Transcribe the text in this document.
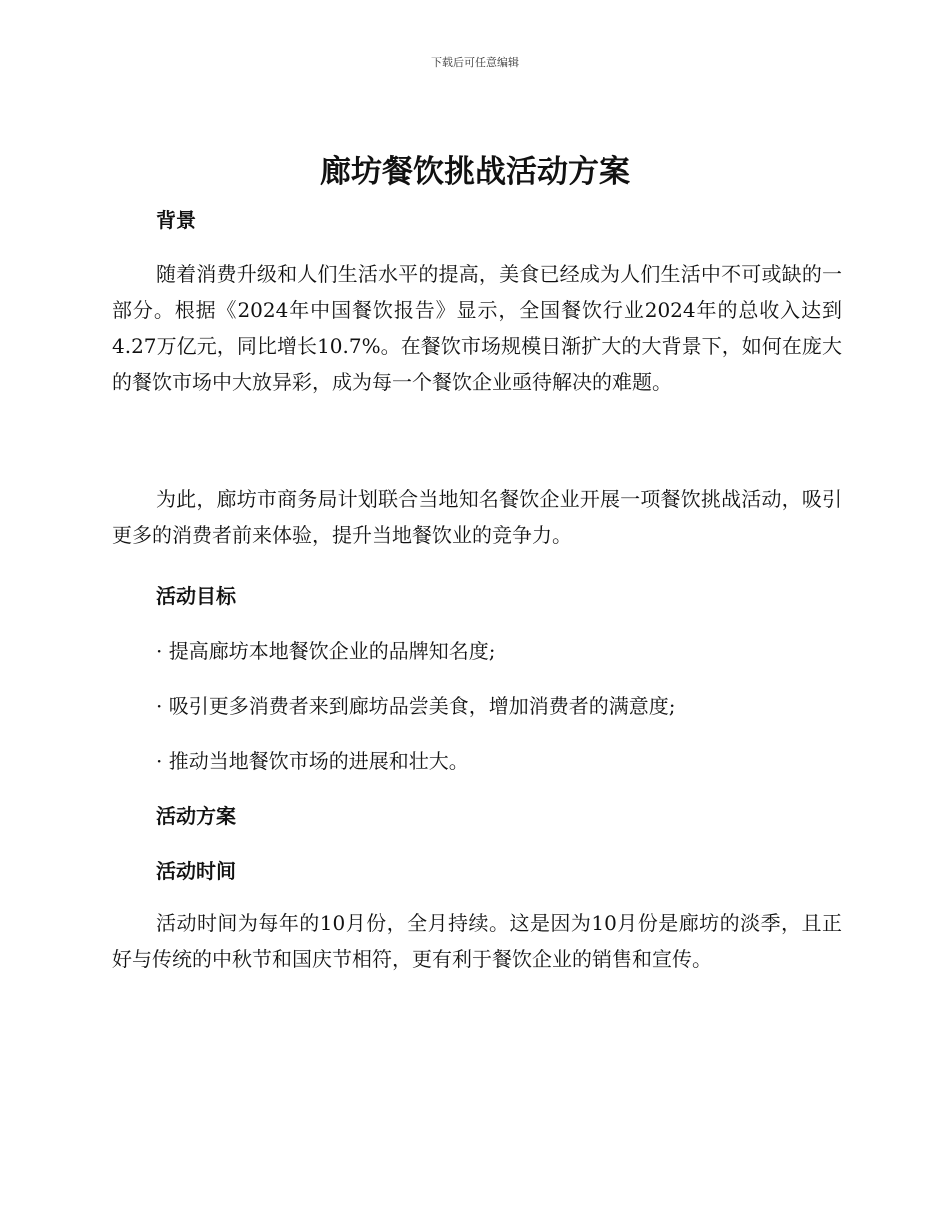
下载后可任意编辑
廊坊餐饮挑战活动方案

背景

随着消费升级和人们生活水平的提高，美食已经成为人们生活中不可或缺的一部分。根据《2024年中国餐饮报告》显示，全国餐饮行业2024年的总收入达到4.27万亿元，同比增长10.7%。在餐饮市场规模日渐扩大的大背景下，如何在庞大的餐饮市场中大放异彩，成为每一个餐饮企业亟待解决的难题。

为此，廊坊市商务局计划联合当地知名餐饮企业开展一项餐饮挑战活动，吸引更多的消费者前来体验，提升当地餐饮业的竞争力。

活动目标

· 提高廊坊本地餐饮企业的品牌知名度;

· 吸引更多消费者来到廊坊品尝美食，增加消费者的满意度;

· 推动当地餐饮市场的进展和壮大。

活动方案

活动时间

活动时间为每年的10月份，全月持续。这是因为10月份是廊坊的淡季，且正好与传统的中秋节和国庆节相符，更有利于餐饮企业的销售和宣传。
